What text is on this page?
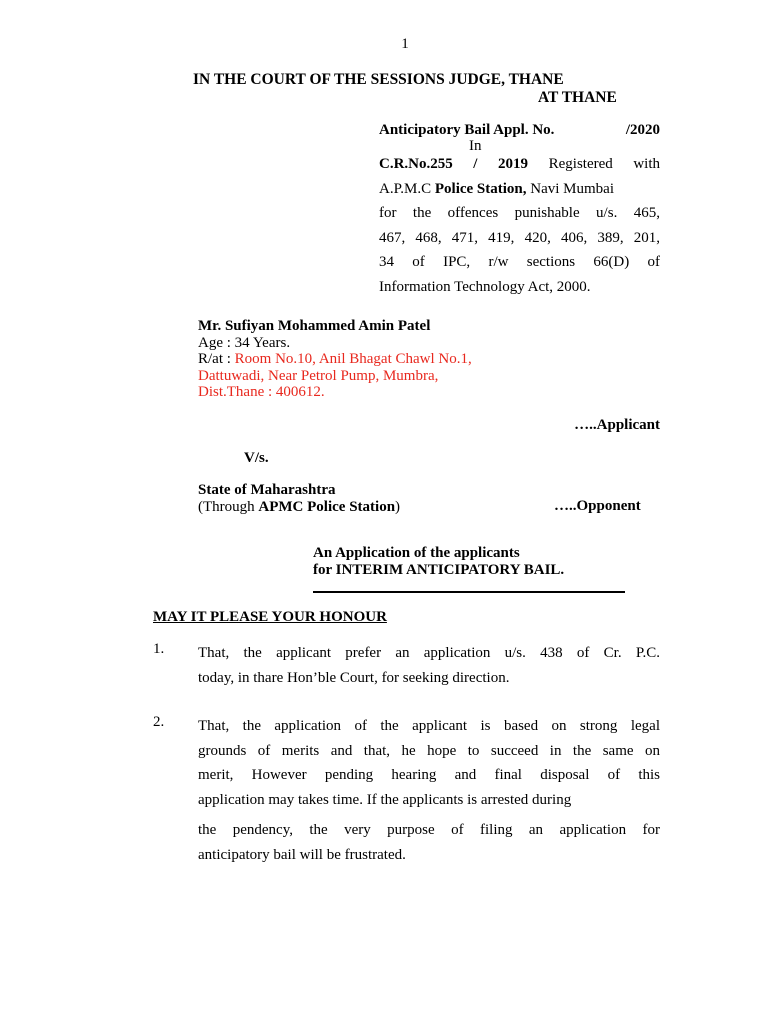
1
IN THE COURT OF THE SESSIONS JUDGE, THANE
AT THANE
Anticipatory Bail Appl. No.	/2020
In
C.R.No.255 / 2019 Registered with
A.P.M.C Police Station, Navi Mumbai
for the offences punishable u/s. 465,
467, 468, 471, 419, 420, 406, 389, 201,
34 of IPC, r/w sections 66(D) of
Information Technology Act, 2000.
Mr. Sufiyan Mohammed Amin Patel
Age : 34 Years.
R/at : Room No.10, Anil Bhagat Chawl No.1,
Dattuwadi, Near Petrol Pump, Mumbra,
Dist.Thane : 400612.
…..Applicant
V/s.
State of Maharashtra
(Through APMC Police Station)	…..Opponent
An Application of the applicants
for INTERIM ANTICIPATORY BAIL.
MAY IT PLEASE YOUR HONOUR
1. That, the applicant prefer an application u/s. 438 of Cr. P.C.
today, in thare Hon’ble Court, for seeking direction.
2. That, the application of the applicant is based on strong legal
grounds of merits and that, he hope to succeed in the same on
merit, However pending hearing and final disposal of this
application may takes time. If the applicants is arrested during
the pendency, the very purpose of filing an application for
anticipatory bail will be frustrated.
